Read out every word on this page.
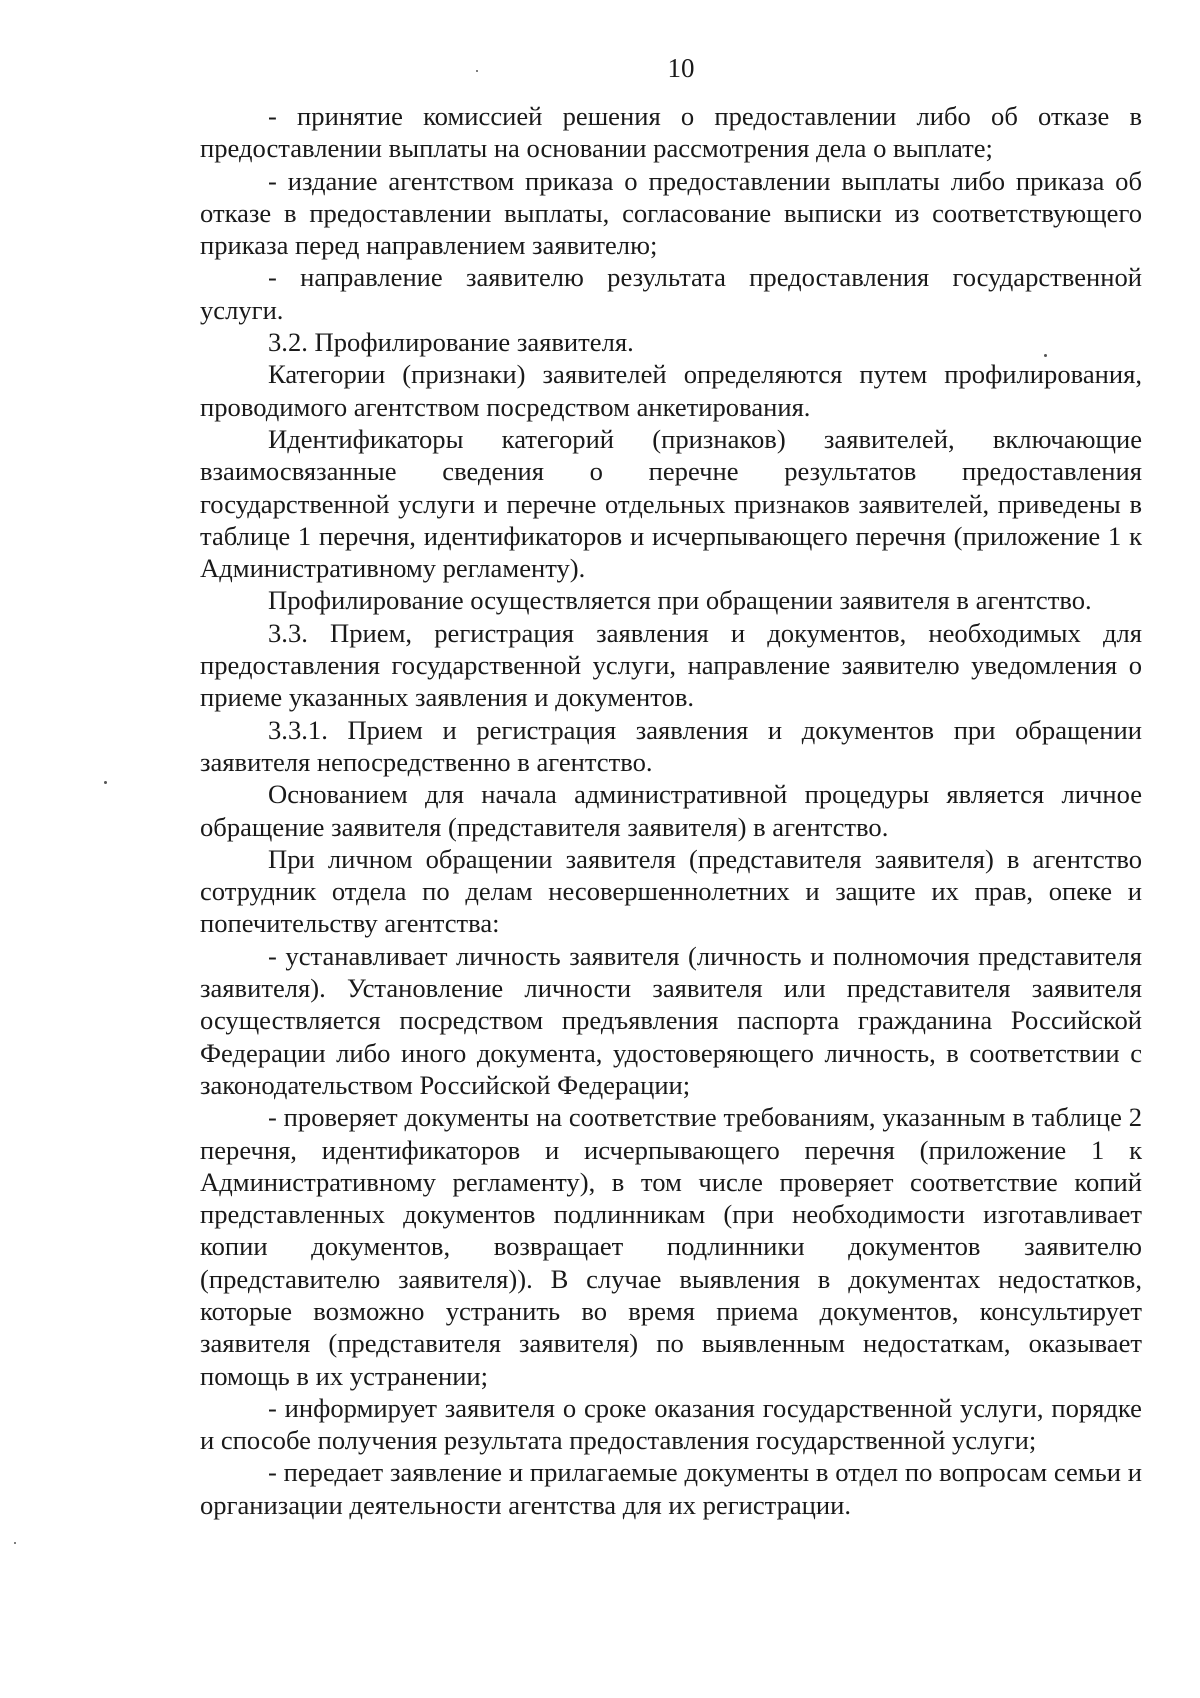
10

- принятие комиссией решения о предоставлении либо об отказе в предоставлении выплаты на основании рассмотрения дела о выплате;

- издание агентством приказа о предоставлении выплаты либо приказа об отказе в предоставлении выплаты, согласование выписки из соответствующего приказа перед направлением заявителю;

- направление заявителю результата предоставления государственной услуги.

3.2. Профилирование заявителя.

Категории (признаки) заявителей определяются путем профилирования, проводимого агентством посредством анкетирования.

Идентификаторы категорий (признаков) заявителей, включающие взаимосвязанные сведения о перечне результатов предоставления государственной услуги и перечне отдельных признаков заявителей, приведены в таблице 1 перечня, идентификаторов и исчерпывающего перечня (приложение 1 к Административному регламенту).

Профилирование осуществляется при обращении заявителя в агентство.

3.3. Прием, регистрация заявления и документов, необходимых для предоставления государственной услуги, направление заявителю уведомления о приеме указанных заявления и документов.

3.3.1. Прием и регистрация заявления и документов при обращении заявителя непосредственно в агентство.

Основанием для начала административной процедуры является личное обращение заявителя (представителя заявителя) в агентство.

При личном обращении заявителя (представителя заявителя) в агентство сотрудник отдела по делам несовершеннолетних и защите их прав, опеке и попечительству агентства:

- устанавливает личность заявителя (личность и полномочия представителя заявителя). Установление личности заявителя или представителя заявителя осуществляется посредством предъявления паспорта гражданина Российской Федерации либо иного документа, удостоверяющего личность, в соответствии с законодательством Российской Федерации;

- проверяет документы на соответствие требованиям, указанным в таблице 2 перечня, идентификаторов и исчерпывающего перечня (приложение 1 к Административному регламенту), в том числе проверяет соответствие копий представленных документов подлинникам (при необходимости изготавливает копии документов, возвращает подлинники документов заявителю (представителю заявителя)). В случае выявления в документах недостатков, которые возможно устранить во время приема документов, консультирует заявителя (представителя заявителя) по выявленным недостаткам, оказывает помощь в их устранении;

- информирует заявителя о сроке оказания государственной услуги, порядке и способе получения результата предоставления государственной услуги;

- передает заявление и прилагаемые документы в отдел по вопросам семьи и организации деятельности агентства для их регистрации.
